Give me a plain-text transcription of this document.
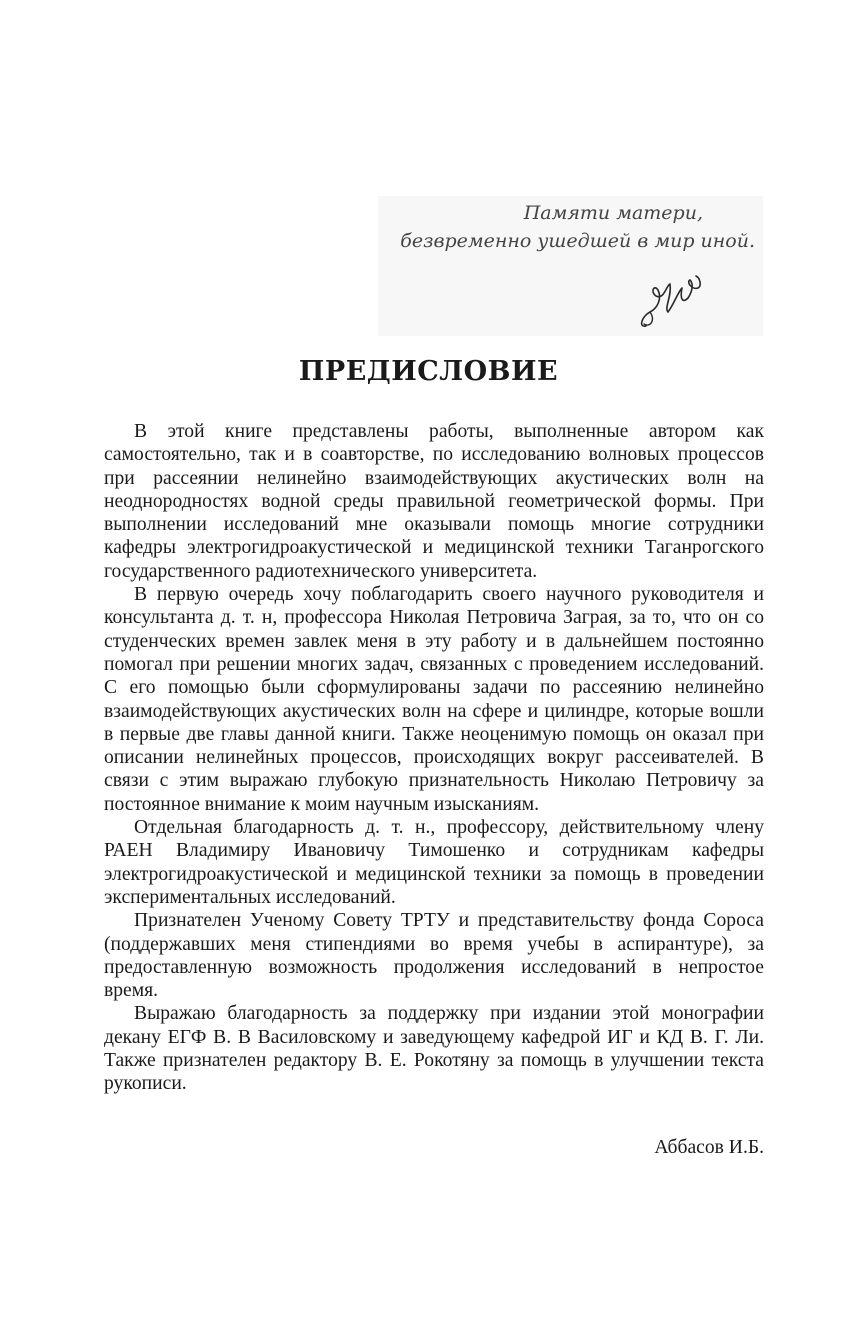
Памяти матери,
безвременно ушедшей в мир иной.
ПРЕДИСЛОВИЕ

В этой книге представлены работы, выполненные автором как самостоятельно, так и в соавторстве, по исследованию волновых процессов при рассеянии нелинейно взаимодействующих акустических волн на неоднородностях водной среды правильной геометрической формы. При выполнении исследований мне оказывали помощь многие сотрудники кафедры электрогидроакустической и медицинской техники Таганрогского государственного радиотехнического университета.

В первую очередь хочу поблагодарить своего научного руководителя и консультанта д. т. н, профессора Николая Петровича Заграя, за то, что он со студенческих времен завлек меня в эту работу и в дальнейшем постоянно помогал при решении многих задач, связанных с проведением исследований. С его помощью были сформулированы задачи по рассеянию нелинейно взаимодействующих акустических волн на сфере и цилиндре, которые вошли в первые две главы данной книги. Также неоценимую помощь он оказал при описании нелинейных процессов, происходящих вокруг рассеивателей. В связи с этим выражаю глубокую признательность Николаю Петровичу за постоянное внимание к моим научным изысканиям.

Отдельная благодарность д. т. н., профессору, действительному члену РАЕН Владимиру Ивановичу Тимошенко и сотрудникам кафедры электрогидроакустической и медицинской техники за помощь в проведении экспериментальных исследований.

Признателен Ученому Совету ТРТУ и представительству фонда Сороса (поддержавших меня стипендиями во время учебы в аспирантуре), за предоставленную возможность продолжения исследований в непростое время.

Выражаю благодарность за поддержку при издании этой монографии декану ЕГФ В. В Василовскому и заведующему кафедрой ИГ и КД В. Г. Ли. Также признателен редактору В. Е. Рокотяну за помощь в улучшении текста рукописи.

Аббасов И.Б.
